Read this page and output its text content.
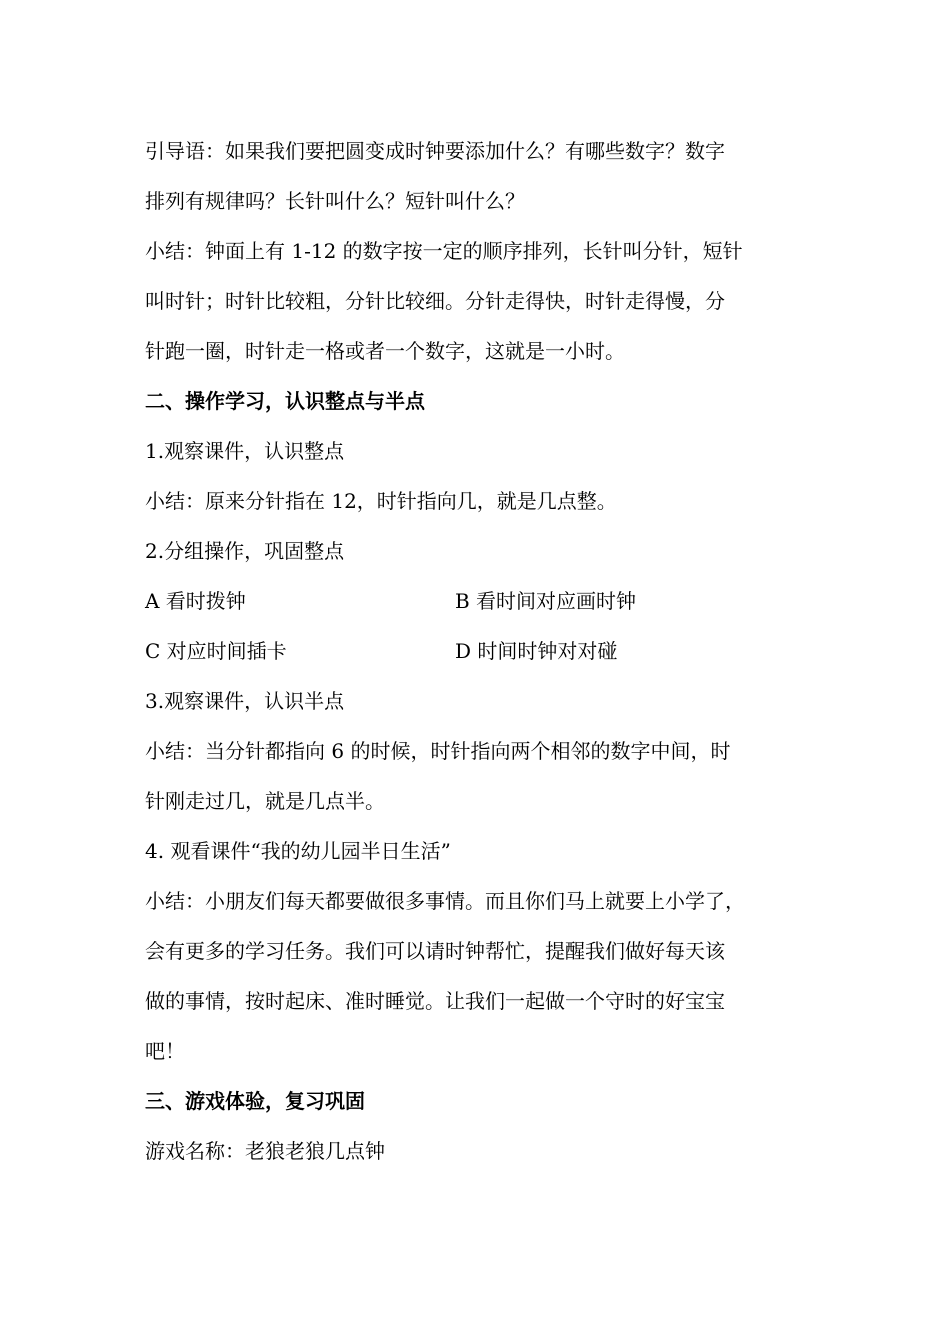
引导语：如果我们要把圆变成时钟要添加什么？有哪些数字？数字

排列有规律吗？长针叫什么？短针叫什么？

小结：钟面上有 1-12 的数字按一定的顺序排列，长针叫分针，短针

叫时针；时针比较粗，分针比较细。分针走得快，时针走得慢，分

针跑一圈，时针走一格或者一个数字，这就是一小时。

二、操作学习，认识整点与半点

1.观察课件，认识整点

小结：原来分针指在 12，时针指向几，就是几点整。

2.分组操作，巩固整点

A 看时拨钟	B 看时间对应画时钟
C 对应时间插卡	D 时间时钟对对碰

3.观察课件，认识半点

小结：当分针都指向 6 的时候，时针指向两个相邻的数字中间，时

针刚走过几，就是几点半。

4. 观看课件“我的幼儿园半日生活”

小结：小朋友们每天都要做很多事情。而且你们马上就要上小学了，

会有更多的学习任务。我们可以请时钟帮忙，提醒我们做好每天该

做的事情，按时起床、准时睡觉。让我们一起做一个守时的好宝宝

吧！

三、游戏体验，复习巩固

游戏名称：老狼老狼几点钟
